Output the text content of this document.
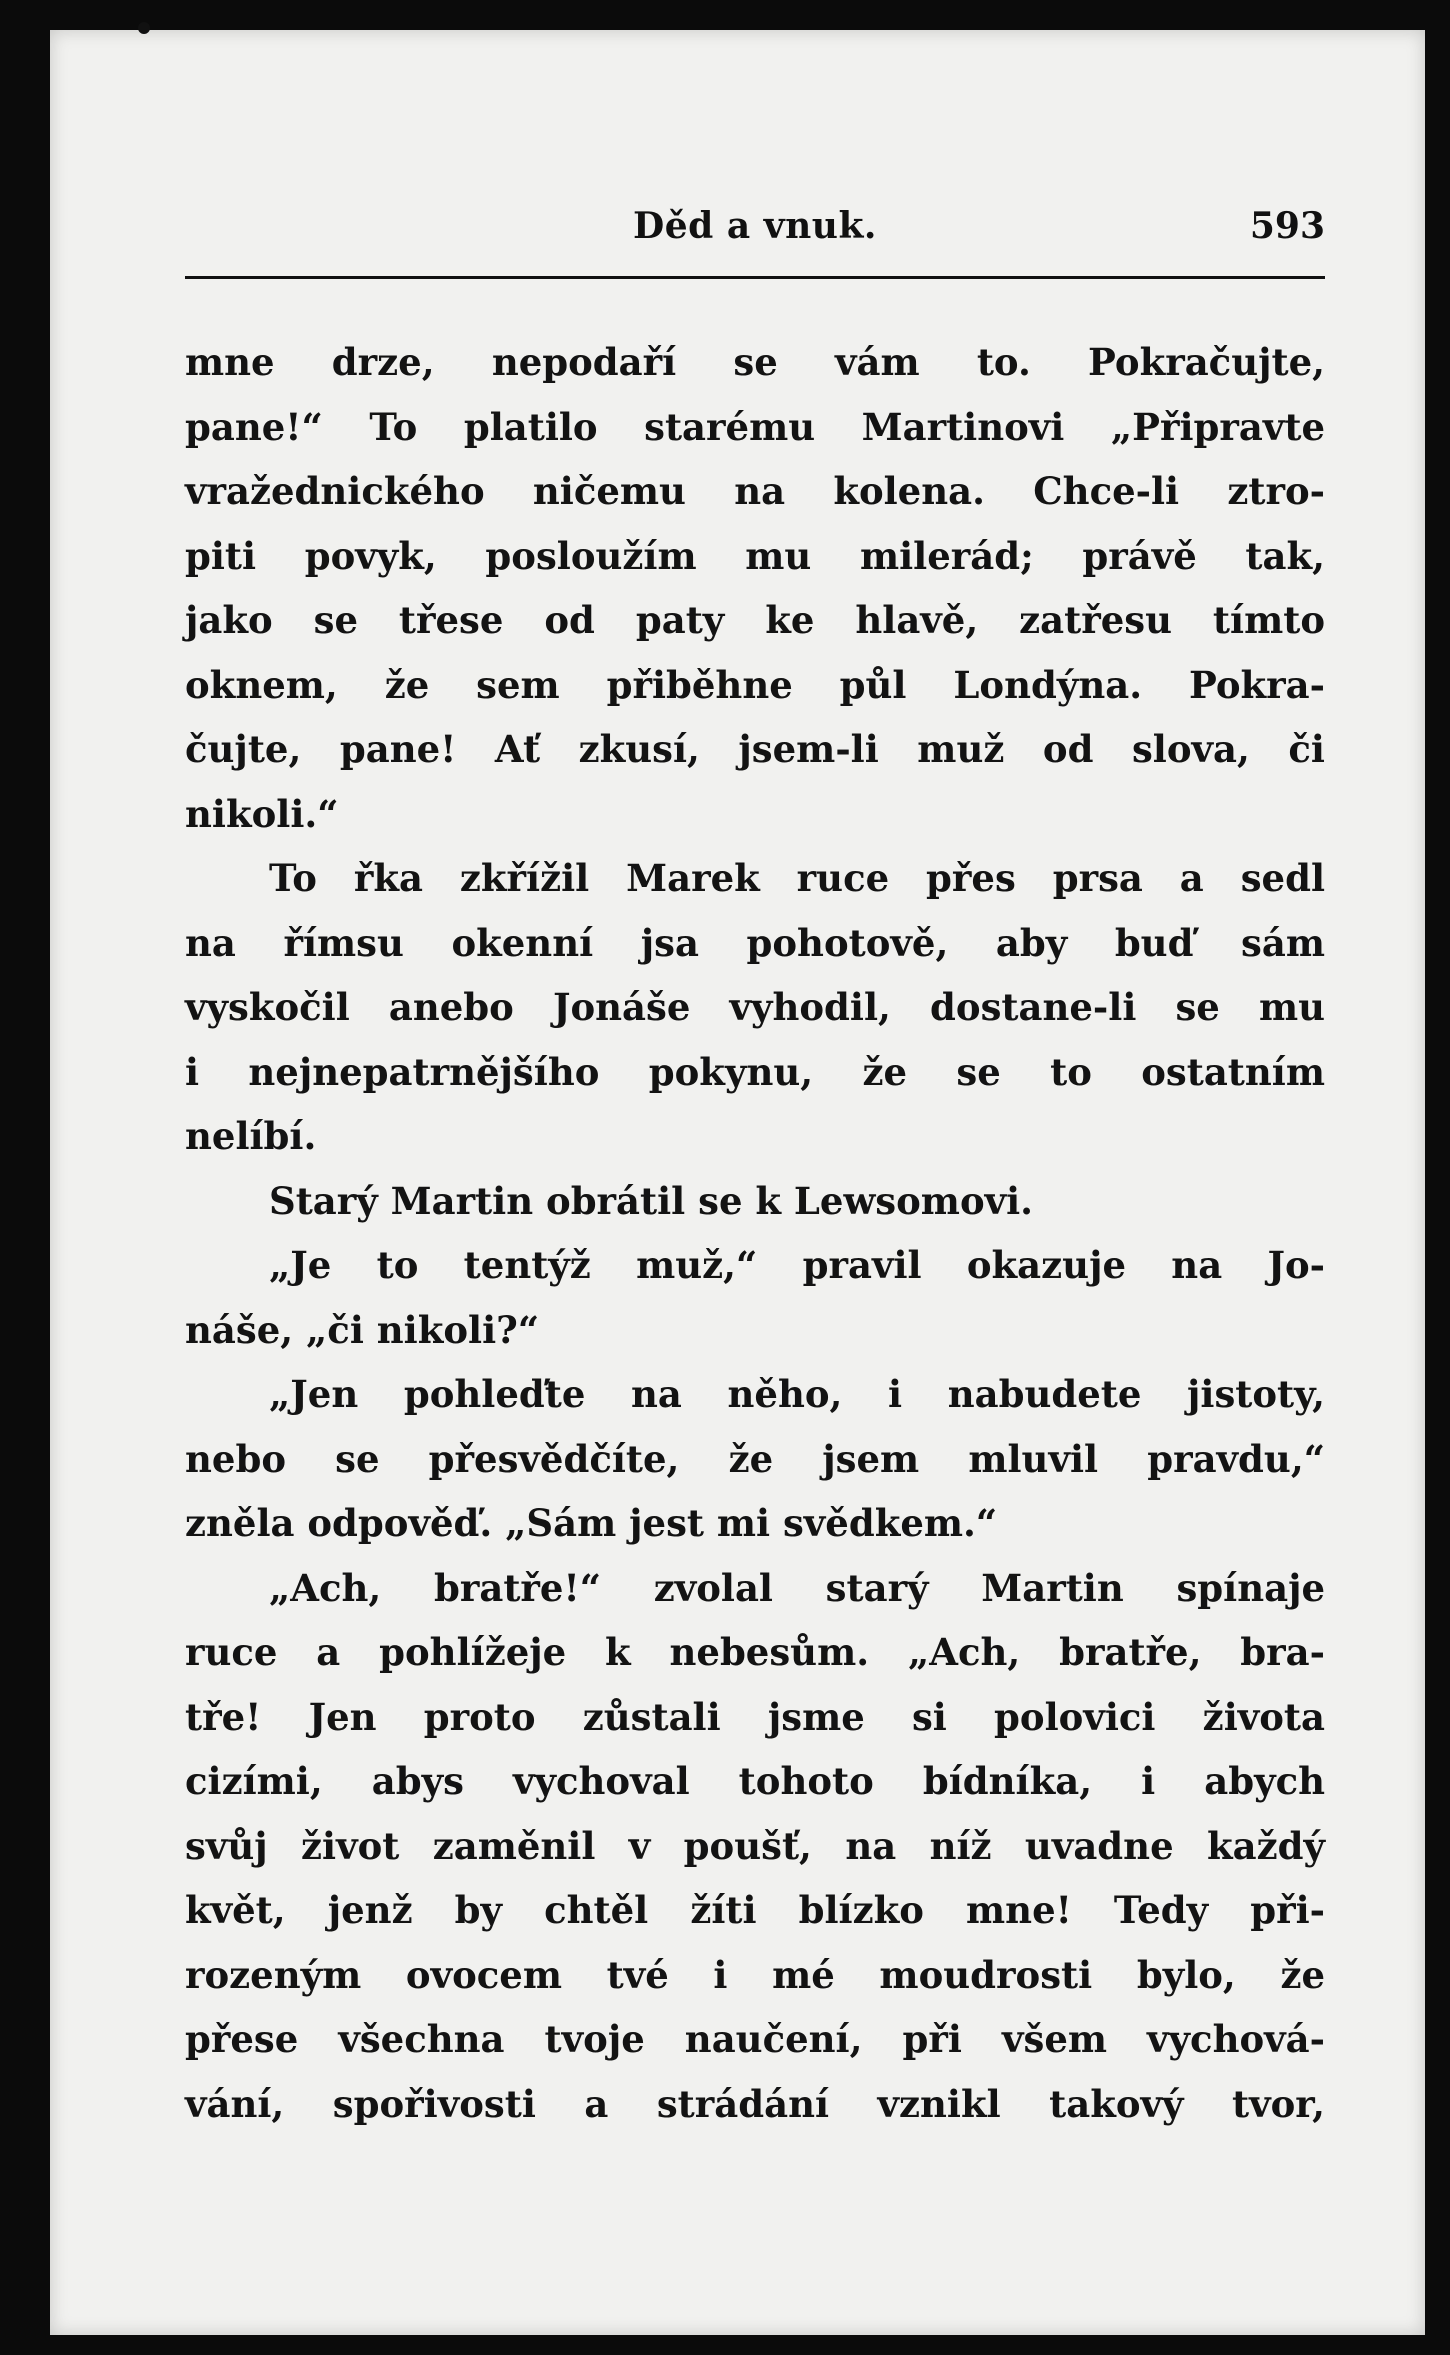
Děd a vnuk.	593
mne drze, nepodaří se vám to. Pokračujte,
pane!“ To platilo starému Martinovi „Připravte
vražednického ničemu na kolena. Chce-li ztro-
piti povyk, posloužím mu milerád; právě tak,
jako se třese od paty ke hlavě, zatřesu tímto
oknem, že sem přiběhne půl Londýna. Pokra-
čujte, pane! Ať zkusí, jsem-li muž od slova, či
nikoli.“
To řka zkřížil Marek ruce přes prsa a sedl
na římsu okenní jsa pohotově, aby buď sám
vyskočil anebo Jonáše vyhodil, dostane-li se mu
i nejnepatrnějšího pokynu, že se to ostatním
nelíbí.
Starý Martin obrátil se k Lewsomovi.
„Je to tentýž muž,“ pravil okazuje na Jo-
náše, „či nikoli?“
„Jen pohleďte na něho, i nabudete jistoty,
nebo se přesvědčíte, že jsem mluvil pravdu,“
zněla odpověď. „Sám jest mi svědkem.“
„Ach, bratře!“ zvolal starý Martin spínaje
ruce a pohlížeje k nebesům. „Ach, bratře, bra-
tře! Jen proto zůstali jsme si polovici života
cizími, abys vychoval tohoto bídníka, i abych
svůj život zaměnil v poušť, na níž uvadne každý
květ, jenž by chtěl žíti blízko mne! Tedy při-
rozeným ovocem tvé i mé moudrosti bylo, že
přese všechna tvoje naučení, při všem vychová-
vání, spořivosti a strádání vznikl takový tvor,
